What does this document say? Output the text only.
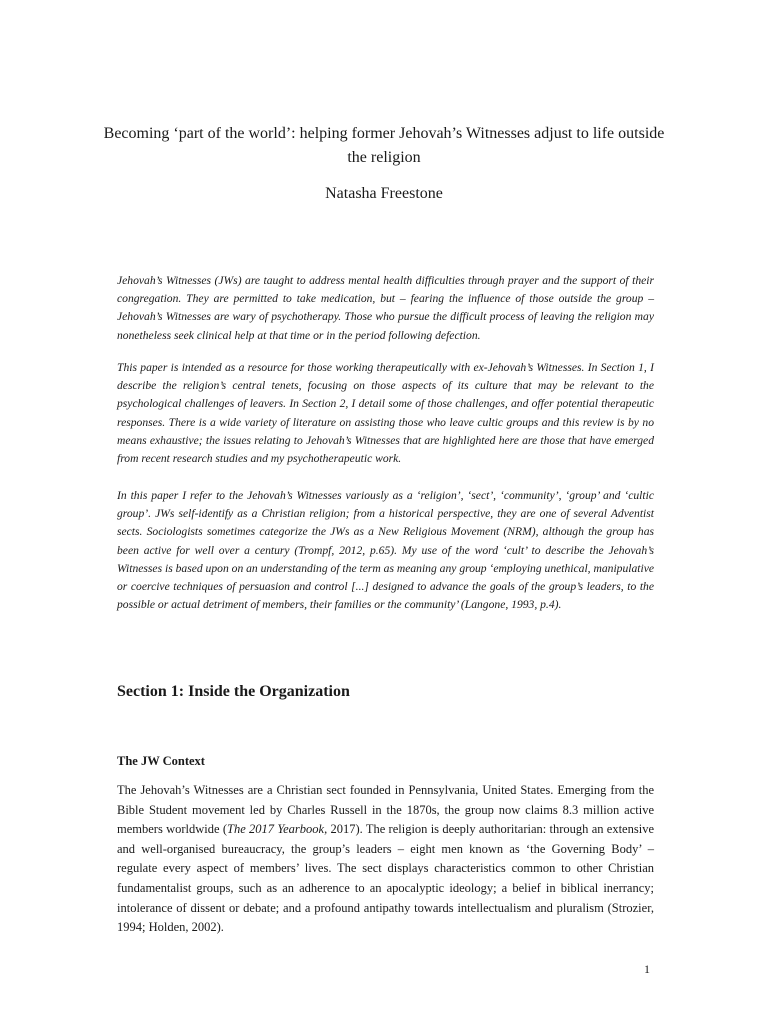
Becoming ‘part of the world’: helping former Jehovah’s Witnesses adjust to life outside the religion
Natasha Freestone

Jehovah’s Witnesses (JWs) are taught to address mental health difficulties through prayer and the support of their congregation. They are permitted to take medication, but – fearing the influence of those outside the group – Jehovah’s Witnesses are wary of psychotherapy. Those who pursue the difficult process of leaving the religion may nonetheless seek clinical help at that time or in the period following defection.

This paper is intended as a resource for those working therapeutically with ex-Jehovah’s Witnesses. In Section 1, I describe the religion’s central tenets, focusing on those aspects of its culture that may be relevant to the psychological challenges of leavers. In Section 2, I detail some of those challenges, and offer potential therapeutic responses. There is a wide variety of literature on assisting those who leave cultic groups and this review is by no means exhaustive; the issues relating to Jehovah’s Witnesses that are highlighted here are those that have emerged from recent research studies and my psychotherapeutic work.

In this paper I refer to the Jehovah’s Witnesses variously as a ‘religion’, ‘sect’, ‘community’, ‘group’ and ‘cultic group’. JWs self-identify as a Christian religion; from a historical perspective, they are one of several Adventist sects. Sociologists sometimes categorize the JWs as a New Religious Movement (NRM), although the group has been active for well over a century (Trompf, 2012, p.65). My use of the word ‘cult’ to describe the Jehovah’s Witnesses is based upon on an understanding of the term as meaning any group ‘employing unethical, manipulative or coercive techniques of persuasion and control [...] designed to advance the goals of the group’s leaders, to the possible or actual detriment of members, their families or the community’ (Langone, 1993, p.4).

Section 1: Inside the Organization
The JW Context

The Jehovah’s Witnesses are a Christian sect founded in Pennsylvania, United States. Emerging from the Bible Student movement led by Charles Russell in the 1870s, the group now claims 8.3 million active members worldwide (The 2017 Yearbook, 2017). The religion is deeply authoritarian: through an extensive and well-organised bureaucracy, the group’s leaders – eight men known as ‘the Governing Body’ – regulate every aspect of members’ lives. The sect displays characteristics common to other Christian fundamentalist groups, such as an adherence to an apocalyptic ideology; a belief in biblical inerrancy; intolerance of dissent or debate; and a profound antipathy towards intellectualism and pluralism (Strozier, 1994; Holden, 2002).

1
